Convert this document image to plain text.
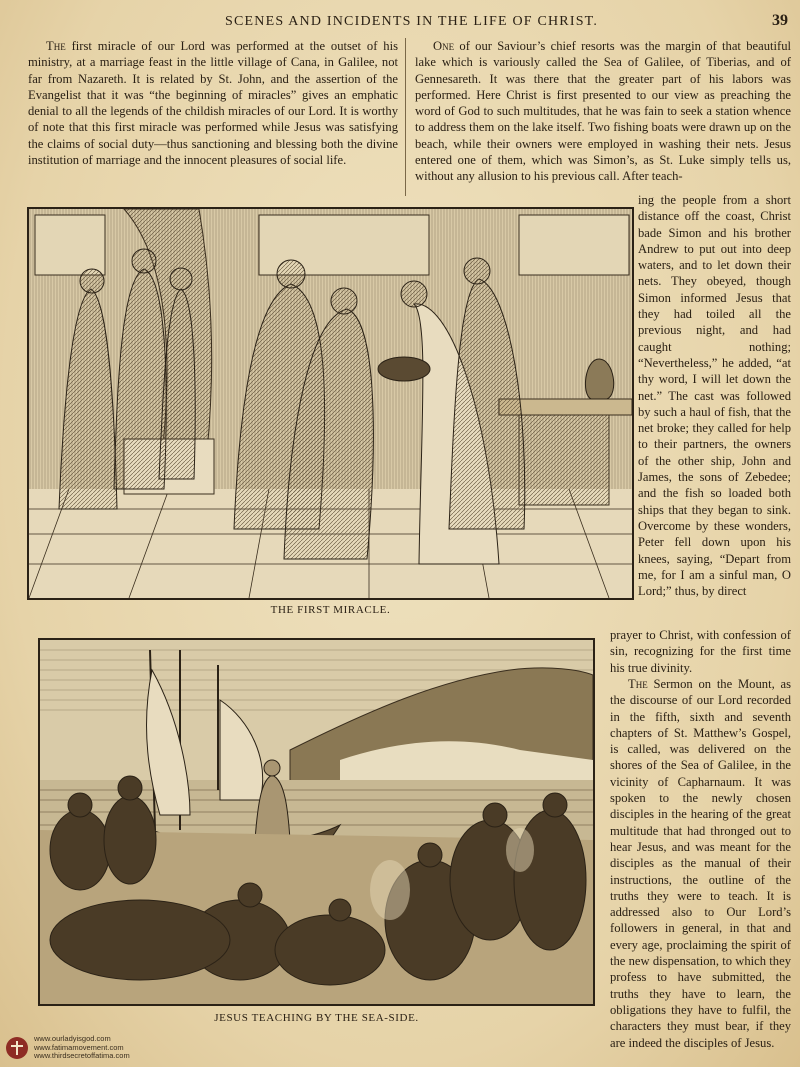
SCENES AND INCIDENTS IN THE LIFE OF CHRIST.	39

The first miracle of our Lord was performed at the outset of his ministry, at a marriage feast in the little village of Cana, in Galilee, not far from Nazareth. It is related by St. John, and the assertion of the Evangelist that it was “the beginning of miracles” gives an emphatic denial to all the legends of the childish miracles of our Lord. It is worthy of note that this first miracle was performed while Jesus was satisfying the claims of social duty—thus sanctioning and blessing both the divine institution of marriage and the innocent pleasures of social life.

One of our Saviour’s chief resorts was the margin of that beautiful lake which is variously called the Sea of Galilee, of Tiberias, and of Gennesareth. It was there that the greater part of his labors was performed. Here Christ is first presented to our view as preaching the word of God to such multitudes, that he was fain to seek a station whence to address them on the lake itself. Two fishing boats were drawn up on the beach, while their owners were employed in washing their nets. Jesus entered one of them, which was Simon’s, as St. Luke simply tells us, without any allusion to his previous call. After teach-

ing the people from a short distance off the coast, Christ bade Simon and his brother Andrew to put out into deep waters, and to let down their nets. They obeyed, though Simon informed Jesus that they had toiled all the previous night, and had caught nothing; “Nevertheless,” he added, “at thy word, I will let down the net.” The cast was followed by such a haul of fish, that the net broke; they called for help to their partners, the owners of the other ship, John and James, the sons of Zebedee; and the fish so loaded both ships that they began to sink. Overcome by these wonders, Peter fell down upon his knees, saying, “Depart from me, for I am a sinful man, O Lord;” thus, by direct

prayer to Christ, with confession of sin, recognizing for the first time his true divinity.

The Sermon on the Mount, as the discourse of our Lord recorded in the fifth, sixth and seventh chapters of St. Matthew’s Gospel, is called, was delivered on the shores of the Sea of Galilee, in the vicinity of Capharnaum. It was spoken to the newly chosen disciples in the hearing of the great multitude that had thronged out to hear Jesus, and was meant for the disciples as the manual of their instructions, the outline of the truths they were to teach. It is addressed also to Our Lord’s followers in general, in that and every age, proclaiming the spirit of the new dispensation, to which they profess to have submitted, the truths they have to learn, the obligations they have to fulfil, the characters they must bear, if they are indeed the disciples of Jesus.

THE FIRST MIRACLE.
JESUS TEACHING BY THE SEA-SIDE.
www.ourladyisgod.com
www.fatimamovement.com
www.thirdsecretoffatima.com
